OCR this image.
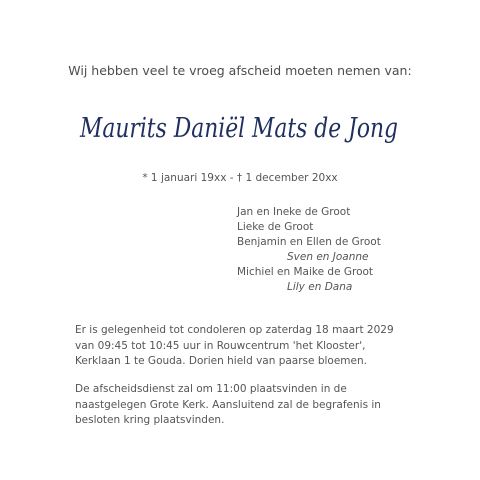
Wij hebben veel te vroeg afscheid moeten nemen van:
Maurits Daniël Mats de Jong
* 1 januari 19xx - † 1 december 20xx
Jan en Ineke de Groot
Lieke de Groot
Benjamin en Ellen de Groot
Sven en Joanne
Michiel en Maike de Groot
Lily en Dana
Er is gelegenheid tot condoleren op zaterdag 18 maart 2029 van 09:45 tot 10:45 uur in Rouwcentrum 'het Klooster', Kerklaan 1 te Gouda. Dorien hield van paarse bloemen.
De afscheidsdienst zal om 11:00 plaatsvinden in de naastgelegen Grote Kerk. Aansluitend zal de begrafenis in besloten kring plaatsvinden.
